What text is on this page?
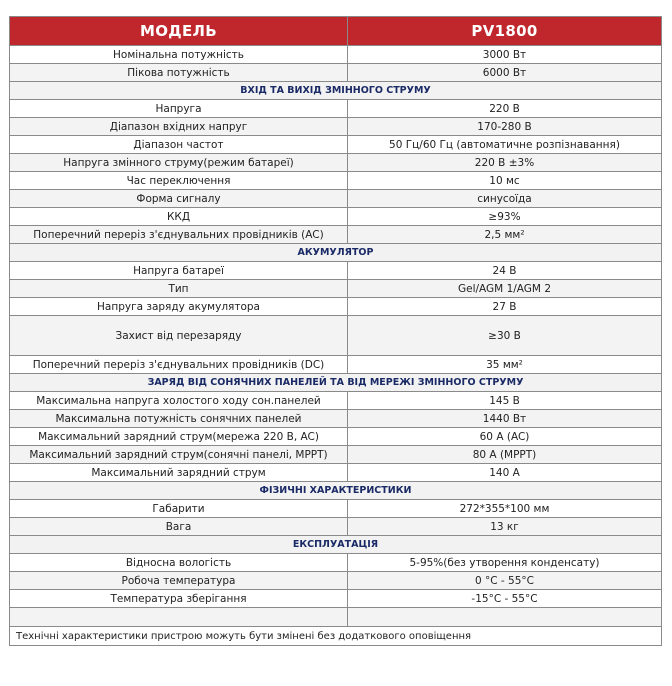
МОДЕЛЬ	PV1800
Номінальна потужність	3000 Вт
Пікова потужність	6000 Вт
ВХІД ТА ВИХІД ЗМІННОГО СТРУМУ	
Напруга	220 В
Діапазон вхідних напруг	170-280 В
Діапазон частот	50 Гц/60 Гц (автоматичне розпізнавання)
Напруга змінного струму(режим батареї)	220 В ±3%
Час переключення	10 мс
Форма сигналу	синусоїда
ККД	≥93%
Поперечний переріз з'єднувальних провідників (AC)	2,5 мм²
АКУМУЛЯТОР	
Напруга батареї	24 В
Тип	Gel/AGM 1/AGM 2
Напруга заряду акумулятора	27 В
Захист від перезаряду	≥30 В
Поперечний переріз з'єднувальних провідників (DC)	35 мм²
ЗАРЯД ВІД СОНЯЧНИХ ПАНЕЛЕЙ ТА ВІД МЕРЕЖІ ЗМІННОГО СТРУМУ	
Максимальна напруга холостого ходу сон.панелей	145 В
Максимальна потужність сонячних панелей	1440 Вт
Максимальний зарядний струм(мережа 220 В, AC)	60 А (AC)
Максимальний зарядний струм(сонячні панелі, MPPT)	80 А (MPPT)
Максимальний зарядний струм	140 А
ФІЗИЧНІ ХАРАКТЕРИСТИКИ	
Габарити	272*355*100 мм
Вага	13 кг
ЕКСПЛУАТАЦІЯ	
Відносна вологість	5-95%(без утворення конденсату)
Робоча температура	0 °C - 55°C
Температура зберігання	-15°C - 55°C

Технічні характеристики пристрою можуть бути змінені без додаткового оповіщення	
